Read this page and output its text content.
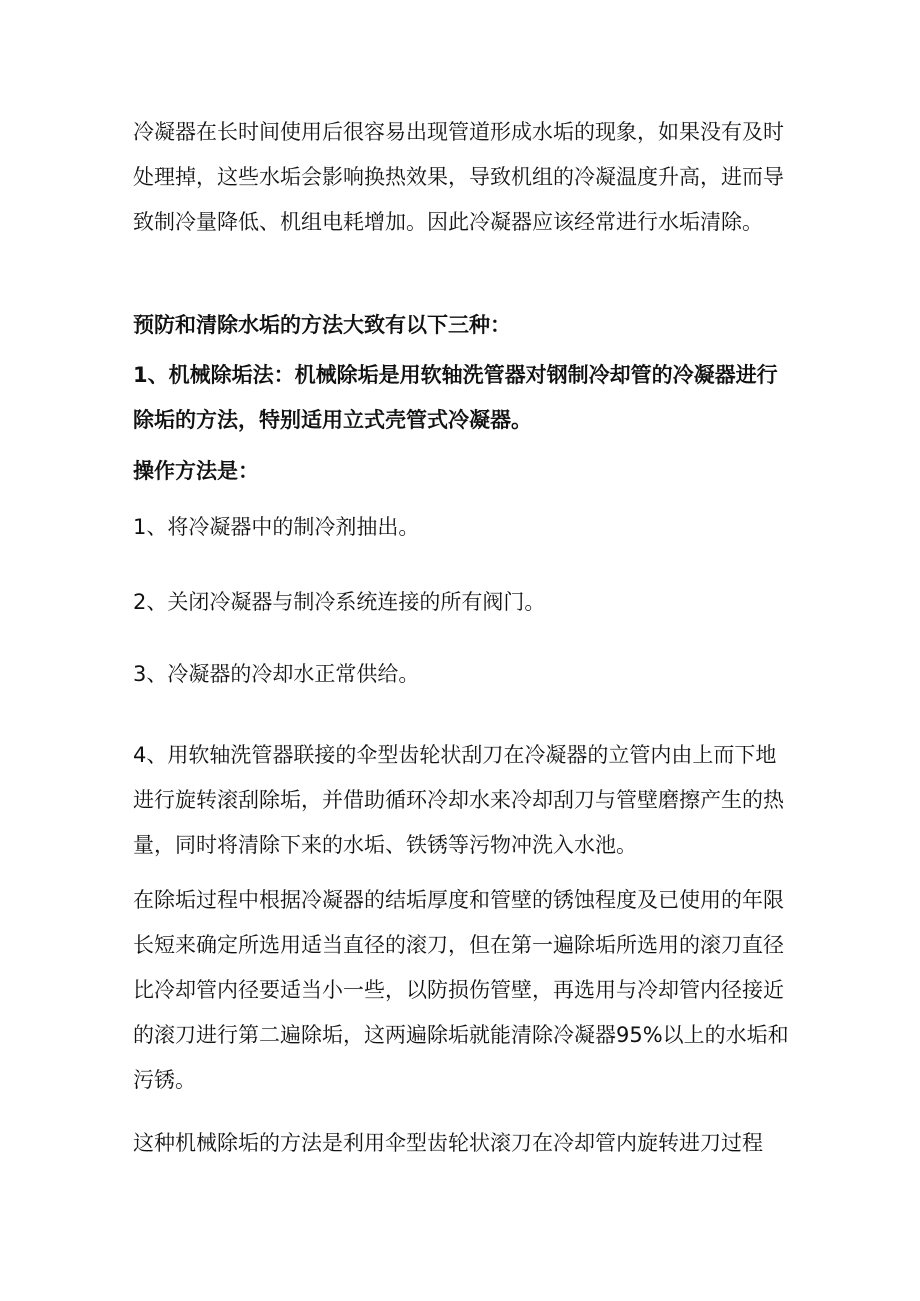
冷凝器在长时间使用后很容易出现管道形成水垢的现象，如果没有及时处理掉，这些水垢会影响换热效果，导致机组的冷凝温度升高，进而导致制冷量降低、机组电耗增加。因此冷凝器应该经常进行水垢清除。

预防和清除水垢的方法大致有以下三种：

1、机械除垢法：机械除垢是用软轴洗管器对钢制冷却管的冷凝器进行除垢的方法，特别适用立式壳管式冷凝器。

操作方法是：

1、将冷凝器中的制冷剂抽出。

2、关闭冷凝器与制冷系统连接的所有阀门。

3、冷凝器的冷却水正常供给。

4、用软轴洗管器联接的伞型齿轮状刮刀在冷凝器的立管内由上而下地进行旋转滚刮除垢，并借助循环冷却水来冷却刮刀与管壁磨擦产生的热量，同时将清除下来的水垢、铁锈等污物冲洗入水池。

在除垢过程中根据冷凝器的结垢厚度和管壁的锈蚀程度及已使用的年限长短来确定所选用适当直径的滚刀，但在第一遍除垢所选用的滚刀直径比冷却管内径要适当小一些，以防损伤管壁，再选用与冷却管内径接近的滚刀进行第二遍除垢，这两遍除垢就能清除冷凝器95%以上的水垢和污锈。

这种机械除垢的方法是利用伞型齿轮状滚刀在冷却管内旋转进刀过程
